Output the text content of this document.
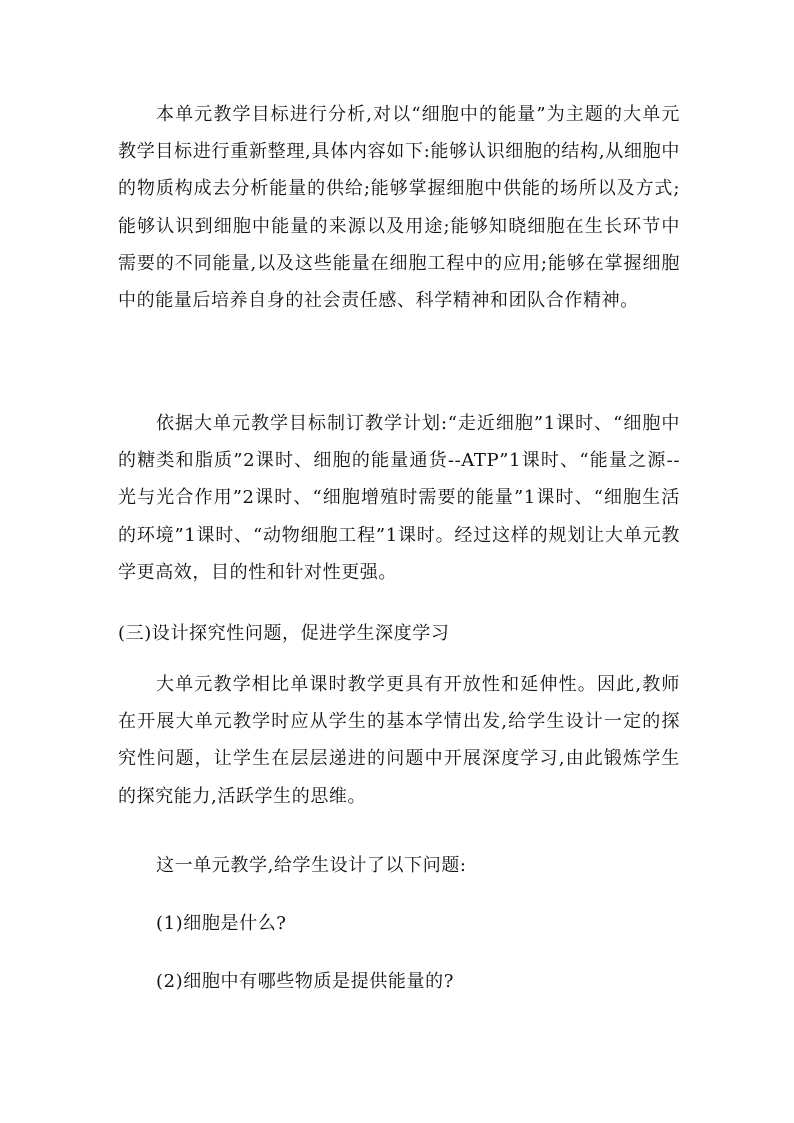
本单元教学目标进行分析,对以“细胞中的能量”为主题的大单元教学目标进行重新整理,具体内容如下:能够认识细胞的结构,从细胞中的物质构成去分析能量的供给;能够掌握细胞中供能的场所以及方式;能够认识到细胞中能量的来源以及用途;能够知晓细胞在生长环节中需要的不同能量,以及这些能量在细胞工程中的应用;能够在掌握细胞中的能量后培养自身的社会责任感、科学精神和团队合作精神。

依据大单元教学目标制订教学计划:“走近细胞”1课时、“细胞中的糖类和脂质”2课时、细胞的能量通货--ATP”1课时、“能量之源--光与光合作用”2课时、“细胞增殖时需要的能量”1课时、“细胞生活的环境”1课时、“动物细胞工程”1课时。经过这样的规划让大单元教学更高效，目的性和针对性更强。

(三)设计探究性问题，促进学生深度学习

大单元教学相比单课时教学更具有开放性和延伸性。因此,教师在开展大单元教学时应从学生的基本学情出发,给学生设计一定的探究性问题，让学生在层层递进的问题中开展深度学习,由此锻炼学生的探究能力,活跃学生的思维。

这一单元教学,给学生设计了以下问题:

(1)细胞是什么?

(2)细胞中有哪些物质是提供能量的?
